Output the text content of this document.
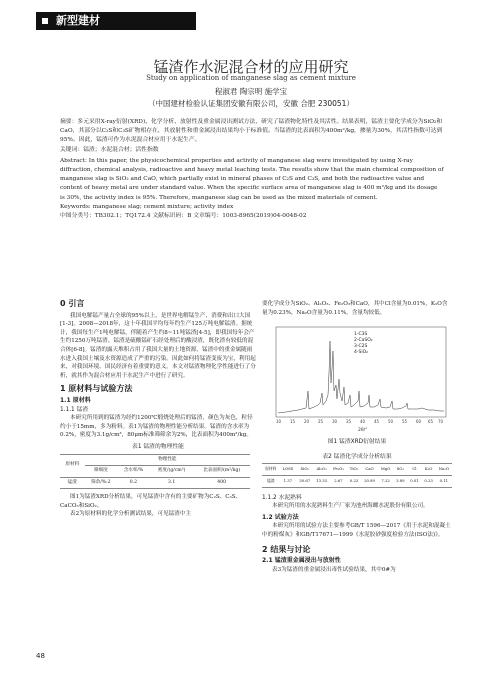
新型建材
锰渣作水泥混合材的应用研究
Study on application of manganese slag as cement mixture
程淑君 陶宗明 施学宝
（中国建材检验认证集团安徽有限公司，安徽 合肥 230051）

摘要：多元采用X-ray衍射(XRD)、化学分析、放射性及重金属浸出测试方法，研究了锰渣物化特性及其活性。结果表明，锰渣主要化学成分为SiO₂和CaO，其部分以C₂S和C₃S矿物相存在，其放射性和重金属浸出结果均小于标准值。当锰渣的比表面积为400m²/kg，掺量为30%，其活性指数可达到95%。因此，锰渣可作为水泥混合材应用于水泥生产。

关键词：锰渣；水泥混合材；活性指数

Abstract: In this paper, the physicochemical properties and activity of manganese slag were investigated by using X-ray diffraction, chemical analysis, radioactive and heavy metal leaching tests. The results show that the main chemical composition of manganese slag is SiO₂ and CaO, which partially exist in mineral phases of C₂S and C₃S, and both the radioactive value and content of heavy metal are under standard value. When the specific surface area of manganese slag is 400 m²/kg and its dosage is 30%, the activity index is 95%. Therefore, manganese slag can be used as the mixed materials of cement.

Keywords: manganese slag; cement mixture; activity index

中图分类号：TB302.1；TQ172.4 文献标识码：B 文章编号：1003-8965(2019)04-0048-02

0 引言

我国电解锰产量占全球的95%以上，是世界电解锰生产、消费和出口大国[1-3]。2008—2018年，这十年我国平均每年约生产125万吨电解锰渣。据统计，我国每生产1吨电解锰，伴随着产生约8~11吨锰渣[4-5]，即我国每年会产生约1250万吨锰渣。锰渣是硫酸锰矿石经处理后的酸浸渣，既化渣有较低的混合体[6-8]。锰渣的露天堆积占用了我国大量的土地资源，锰渣中的重金属随雨水进入我国土壤及水资源造成了严重的污染。因此如何将锰渣变废为宝，利用起来，对我国环境、国民经济有着重要的意义。本文对锰渣物理化学性能进行了分析，就其作为混合材应用于水泥生产中进行了研究。

1 原材料与试验方法
1.1 原材料
1.1.1 锰渣

本研究所用到的锰渣为经约1200℃煅烧处理后的锰渣，颜色为灰色，粒径约小于15mm，多为粉料。表1为锰渣的物理性能分析结果。锰渣的含水率为0.2%，密度为3.1g/cm³，80μm标准筛筛余为2%，比表面积为400m²/kg。

表1 锰渣的物理性能
原材料	物理性能			
	筛细度	含水率/%	密度/(g/cm³)	比表面积/(m²/kg)
锰渣	筛余/%:2	0.2	3.1	400

图1为锰渣XRD分析结果，可见锰渣中含有的主要矿物为C₂S、C₃S、CaCO₃和SiO₂。

表2为原材料的化学分析测试结果，可见锰渣中主

要化学成分为SiO₂、Al₂O₃、Fe₂O₃和CaO，其中Cl含量为0.01%，K₂O含量为0.23%，Na₂O含量为0.11%，含量均较低。

1-C3S
2-CaSO₄
3-C2S
4-SiO₂
10 15 20 25 30 35 40 45 50 55 60 65 70
2θ/°
图1 锰渣XRD衍射结果
表2 锰渣化学成分分析结果
原材料	LOSS	SiO₂	Al₂O₃	Fe₂O₃	TiO₂	CaO	MgO	SO₃	Cl	K₂O	Na₂O
锰渣	1.37	30.67	13.33	2.67	0.23	20.89	7.22	3.89	0.01	0.23	0.11
1.1.2 水泥熟料

本研究所用的水泥熟料生产厂家为池州海螺水泥股份有限公司。

1.2 试验方法

本研究所用的试验方法主要参考GB/T 1596—2017《用于水泥和混凝土中的粉煤灰》和GB/T17671—1999《水泥胶砂强度检验方法(ISO法)》。

2 结果与讨论
2.1 锰渣重金属浸出与放射性

表3为锰渣的重金属浸出毒性试验结果，其中0#为

48
